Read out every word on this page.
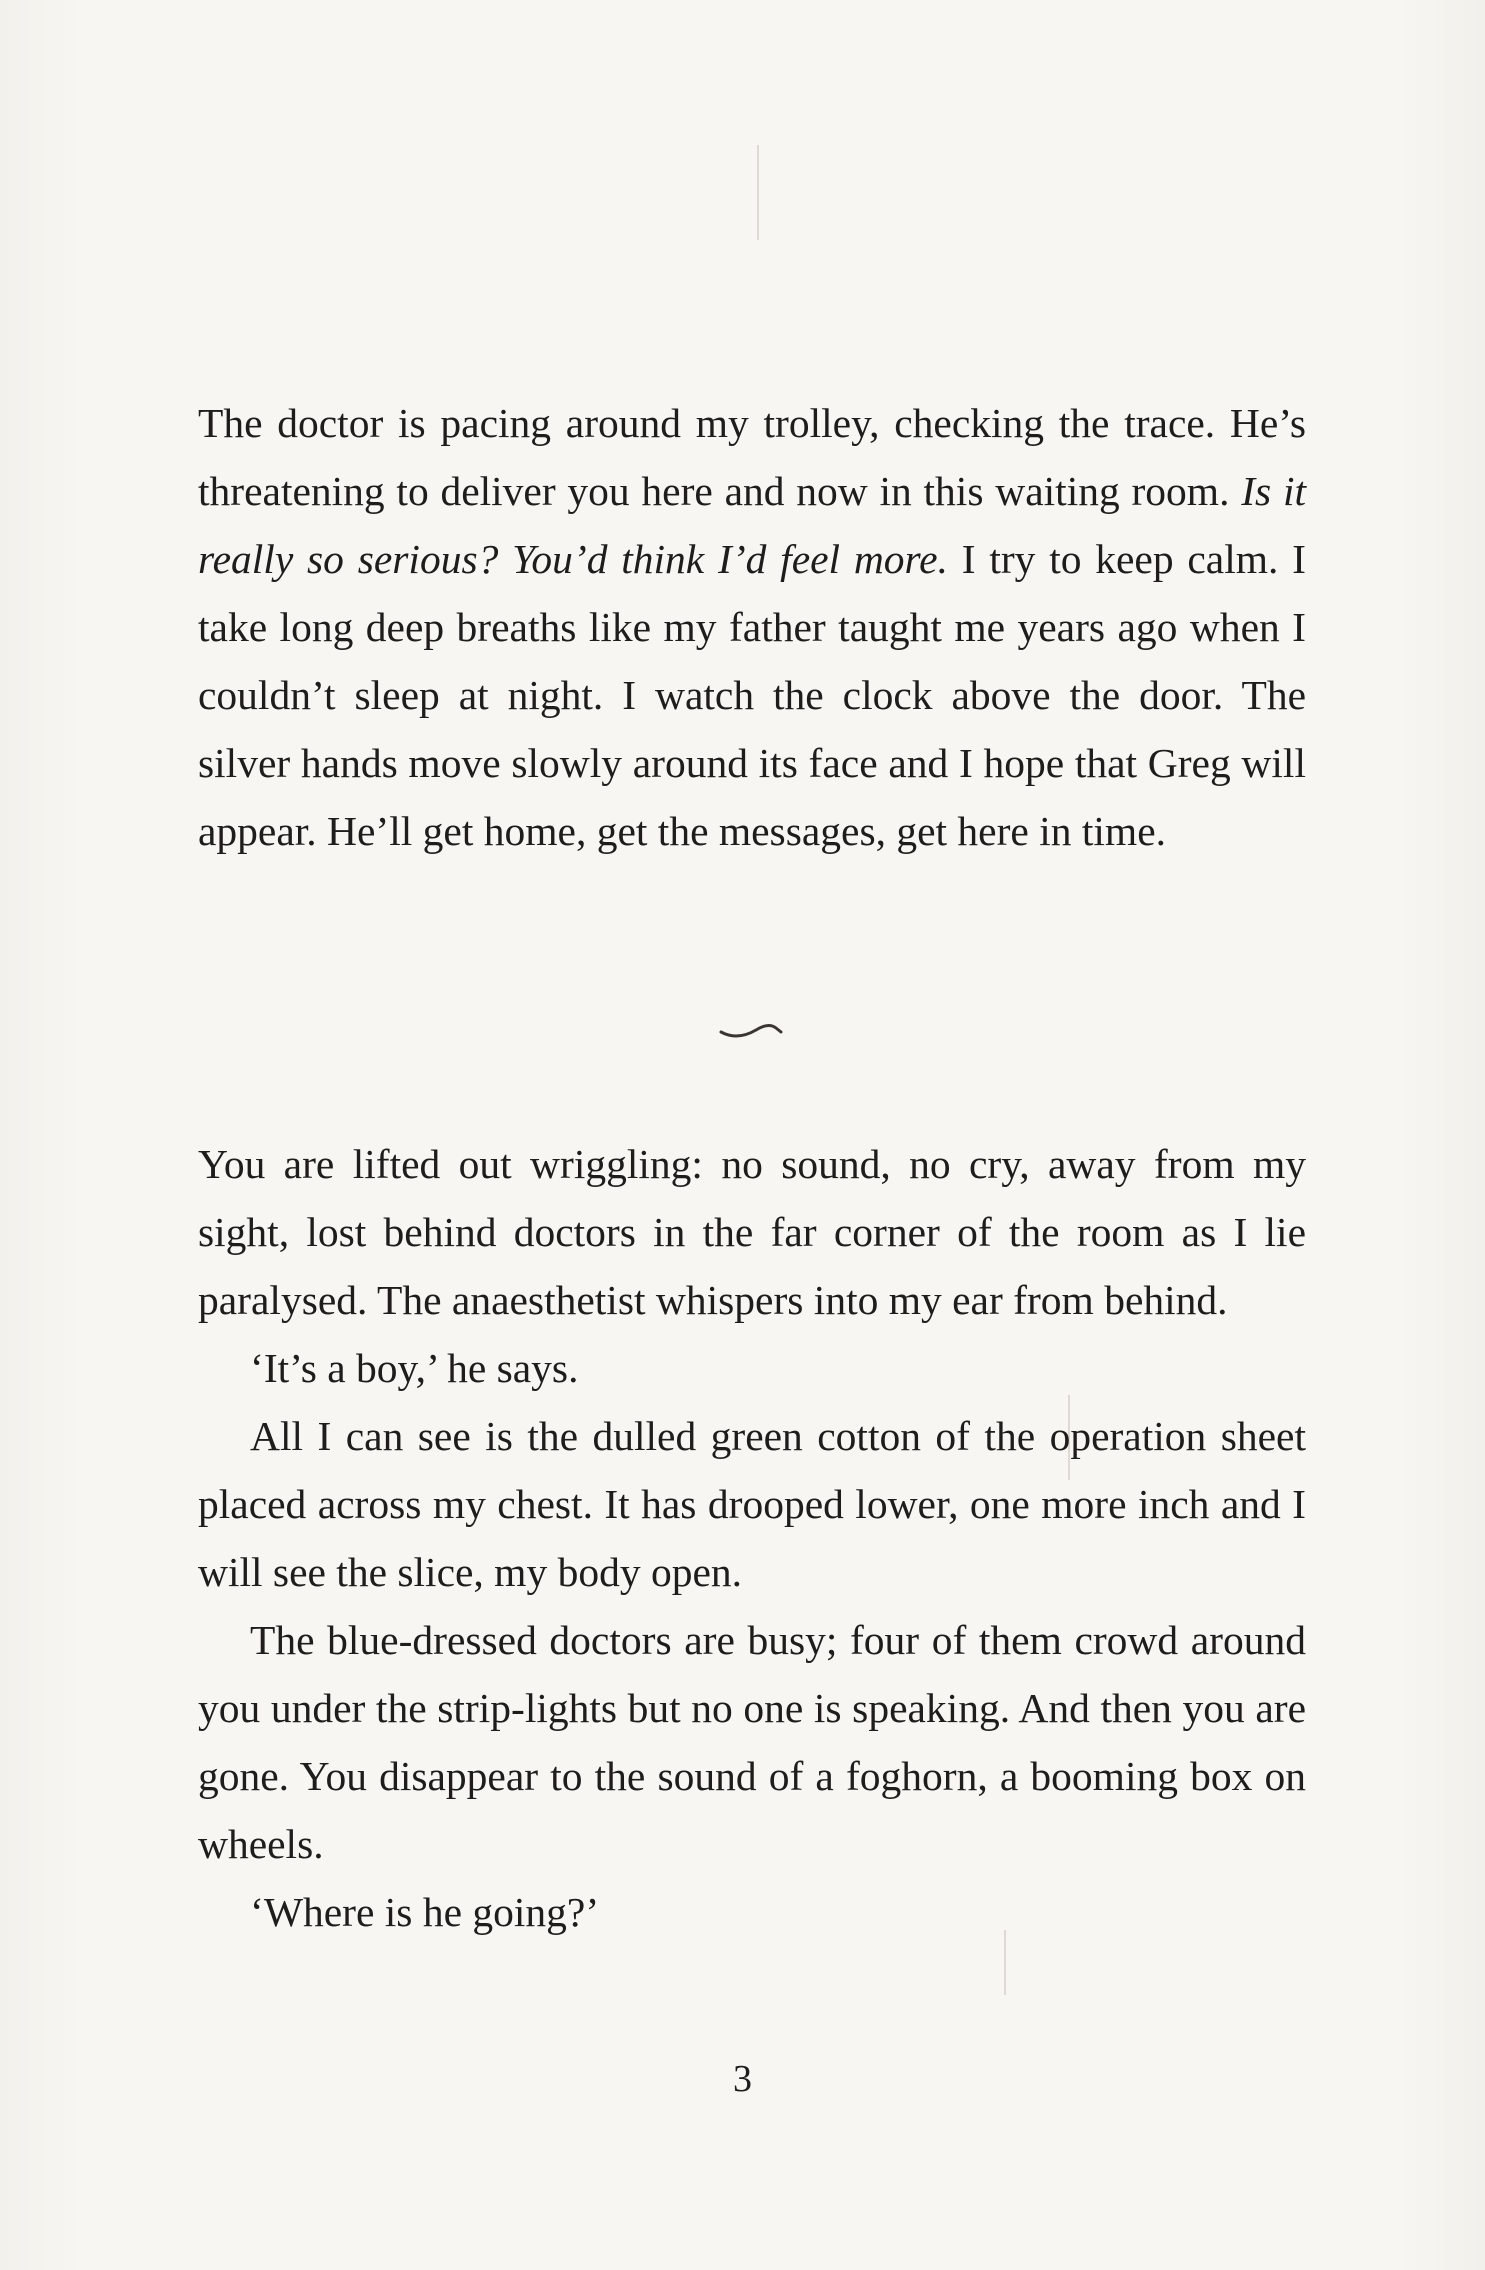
The doctor is pacing around my trolley, checking the trace. He’s threatening to deliver you here and now in this waiting room. Is it really so serious? You’d think I’d feel more. I try to keep calm. I take long deep breaths like my father taught me years ago when I couldn’t sleep at night. I watch the clock above the door. The silver hands move slowly around its face and I hope that Greg will appear. He’ll get home, get the messages, get here in time.

You are lifted out wriggling: no sound, no cry, away from my sight, lost behind doctors in the far corner of the room as I lie paralysed. The anaesthetist whispers into my ear from behind.

‘It’s a boy,’ he says.

All I can see is the dulled green cotton of the operation sheet placed across my chest. It has drooped lower, one more inch and I will see the slice, my body open.

The blue-dressed doctors are busy; four of them crowd around you under the strip-lights but no one is speaking. And then you are gone. You disappear to the sound of a foghorn, a booming box on wheels.

‘Where is he going?’

3
